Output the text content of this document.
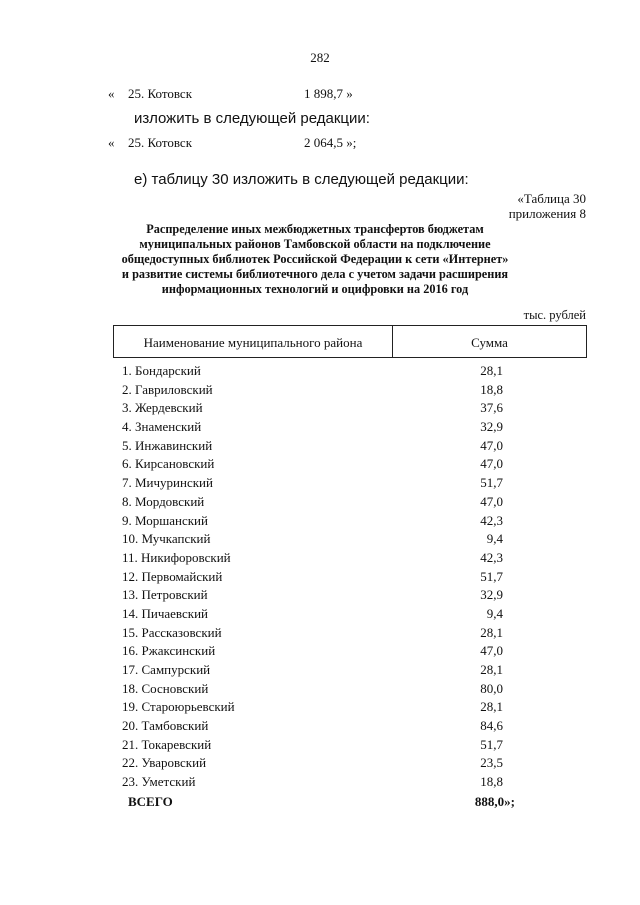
282
« 25. Котовск	1 898,7 »
изложить в следующей редакции:
« 25. Котовск	2 064,5 »;
е) таблицу 30 изложить в следующей редакции:
«Таблица 30
приложения 8
Распределение иных межбюджетных трансфертов бюджетам
муниципальных районов Тамбовской области на подключение
общедоступных библиотек Российской Федерации к сети «Интернет»
и развитие системы библиотечного дела с учетом задачи расширения
информационных технологий и оцифровки на 2016 год
тыс. рублей
Наименование муниципального района	Сумма
1. Бондарский	28,1
2. Гавриловский	18,8
3. Жердевский	37,6
4. Знаменский	32,9
5. Инжавинский	47,0
6. Кирсановский	47,0
7. Мичуринский	51,7
8. Мордовский	47,0
9. Моршанский	42,3
10. Мучкапский	9,4
11. Никифоровский	42,3
12. Первомайский	51,7
13. Петровский	32,9
14. Пичаевский	9,4
15. Рассказовский	28,1
16. Ржаксинский	47,0
17. Сампурский	28,1
18. Сосновский	80,0
19. Староюрьевский	28,1
20. Тамбовский	84,6
21. Токаревский	51,7
22. Уваровский	23,5
23. Уметский	18,8
ВСЕГО	888,0»;
